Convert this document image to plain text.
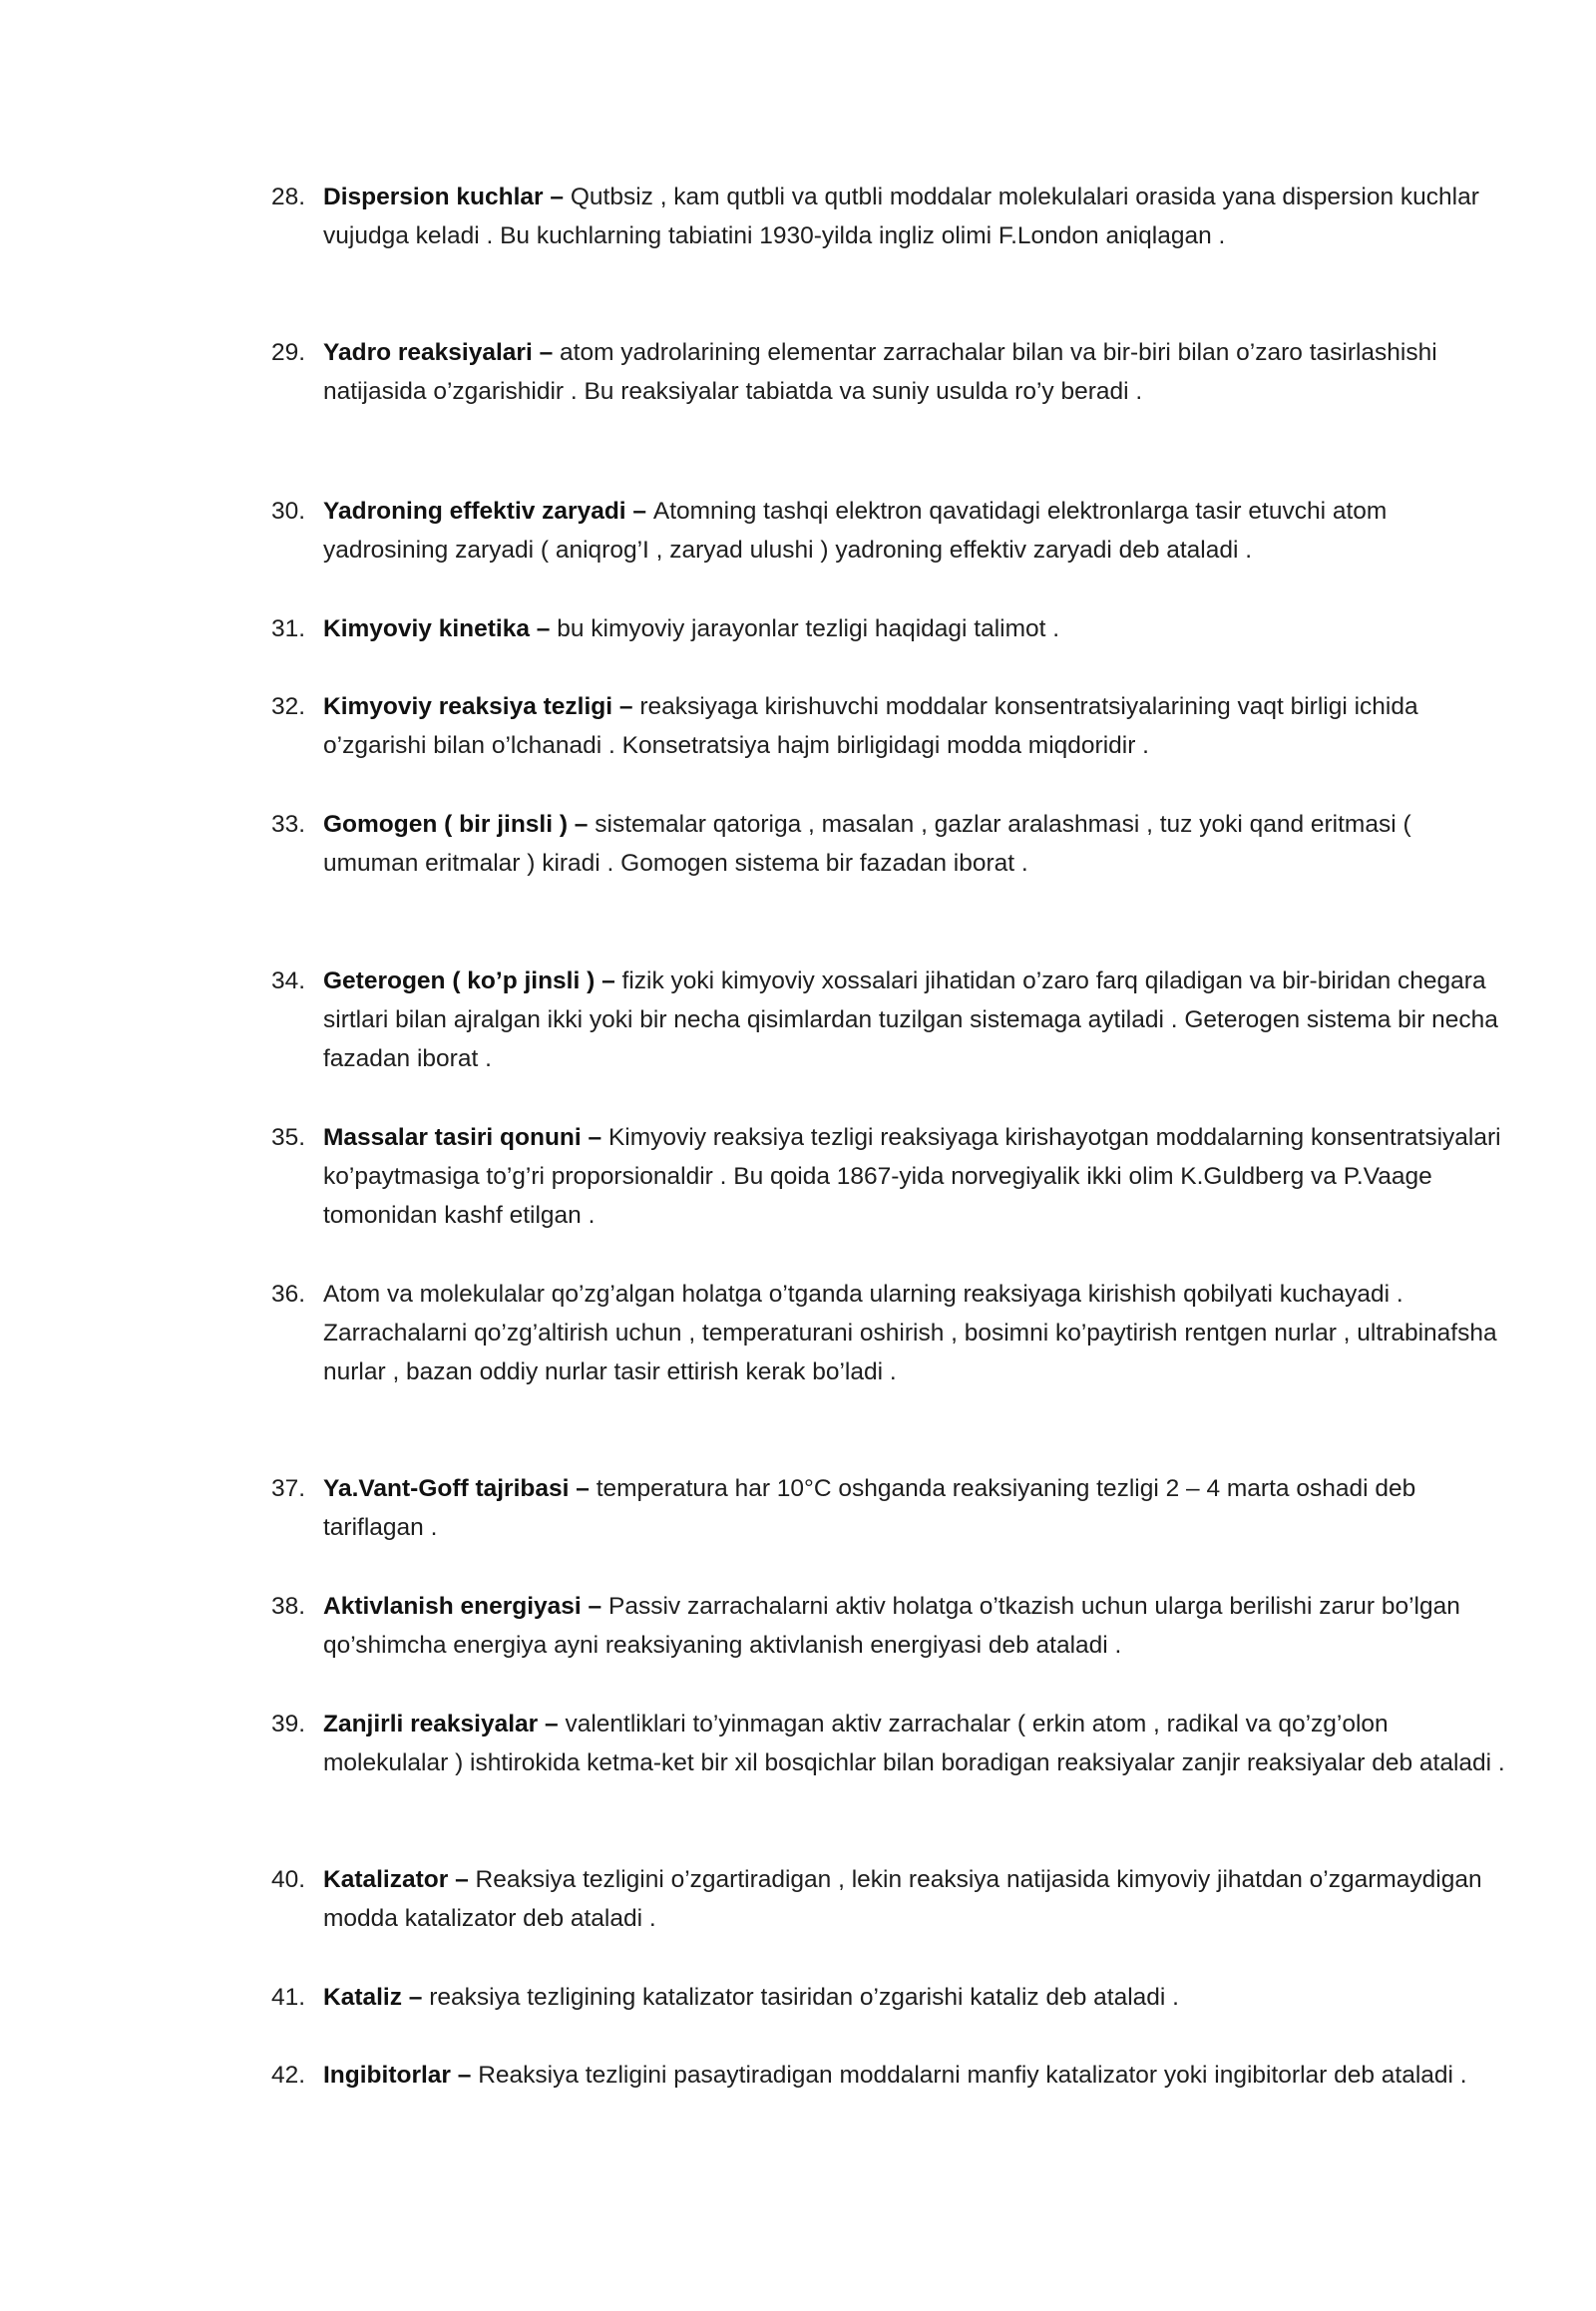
28. Dispersion kuchlar – Qutbsiz , kam qutbli va qutbli moddalar molekulalari orasida yana dispersion kuchlar vujudga keladi . Bu kuchlarning tabiatini 1930-yilda ingliz olimi F.London aniqlagan .
29. Yadro reaksiyalari – atom yadrolarining elementar zarrachalar bilan va bir-biri bilan o’zaro tasirlashishi natijasida o’zgarishidir . Bu reaksiyalar tabiatda va suniy usulda ro’y beradi .
30. Yadroning effektiv zaryadi – Atomning tashqi elektron qavatidagi elektronlarga tasir etuvchi atom yadrosining zaryadi ( aniqrog’I , zaryad ulushi ) yadroning effektiv zaryadi deb ataladi .
31. Kimyoviy kinetika – bu kimyoviy jarayonlar tezligi haqidagi talimot .
32. Kimyoviy reaksiya tezligi – reaksiyaga kirishuvchi moddalar konsentratsiyalarining vaqt birligi ichida o’zgarishi bilan o’lchanadi . Konsetratsiya hajm birligidagi modda miqdoridir .
33. Gomogen ( bir jinsli ) – sistemalar qatoriga , masalan , gazlar aralashmasi , tuz yoki qand eritmasi ( umuman eritmalar ) kiradi . Gomogen sistema bir fazadan iborat .
34. Geterogen ( ko’p jinsli ) – fizik yoki kimyoviy xossalari jihatidan o’zaro farq qiladigan va bir-biridan chegara sirtlari bilan ajralgan ikki yoki bir necha qisimlardan tuzilgan sistemaga aytiladi . Geterogen sistema bir necha fazadan iborat .
35. Massalar tasiri qonuni – Kimyoviy reaksiya tezligi reaksiyaga kirishayotgan moddalarning konsentratsiyalari ko’paytmasiga to’g’ri proporsionaldir . Bu qoida 1867-yida norvegiyalik ikki olim K.Guldberg va P.Vaage tomonidan kashf etilgan .
36. Atom va molekulalar qo’zg’algan holatga o’tganda ularning reaksiyaga kirishish qobilyati kuchayadi . Zarrachalarni qo’zg’altirish uchun , temperaturani oshirish , bosimni ko’paytirish rentgen nurlar , ultrabinafsha nurlar , bazan oddiy nurlar tasir ettirish kerak bo’ladi .
37. Ya.Vant-Goff tajribasi – temperatura har 10°C oshganda reaksiyaning tezligi 2 – 4 marta oshadi deb tariflagan .
38. Aktivlanish energiyasi – Passiv zarrachalarni aktiv holatga o’tkazish uchun ularga berilishi zarur bo’lgan qo’shimcha energiya ayni reaksiyaning aktivlanish energiyasi deb ataladi .
39. Zanjirli reaksiyalar – valentliklari to’yinmagan aktiv zarrachalar ( erkin atom , radikal va qo’zg’olon molekulalar ) ishtirokida ketma-ket bir xil bosqichlar bilan boradigan reaksiyalar zanjir reaksiyalar deb ataladi .
40. Katalizator – Reaksiya tezligini o’zgartiradigan , lekin reaksiya natijasida kimyoviy jihatdan o’zgarmaydigan modda katalizator deb ataladi .
41. Kataliz – reaksiya tezligining katalizator tasiridan o’zgarishi kataliz deb ataladi .
42. Ingibitorlar – Reaksiya tezligini pasaytiradigan moddalarni manfiy katalizator yoki ingibitorlar deb ataladi .
